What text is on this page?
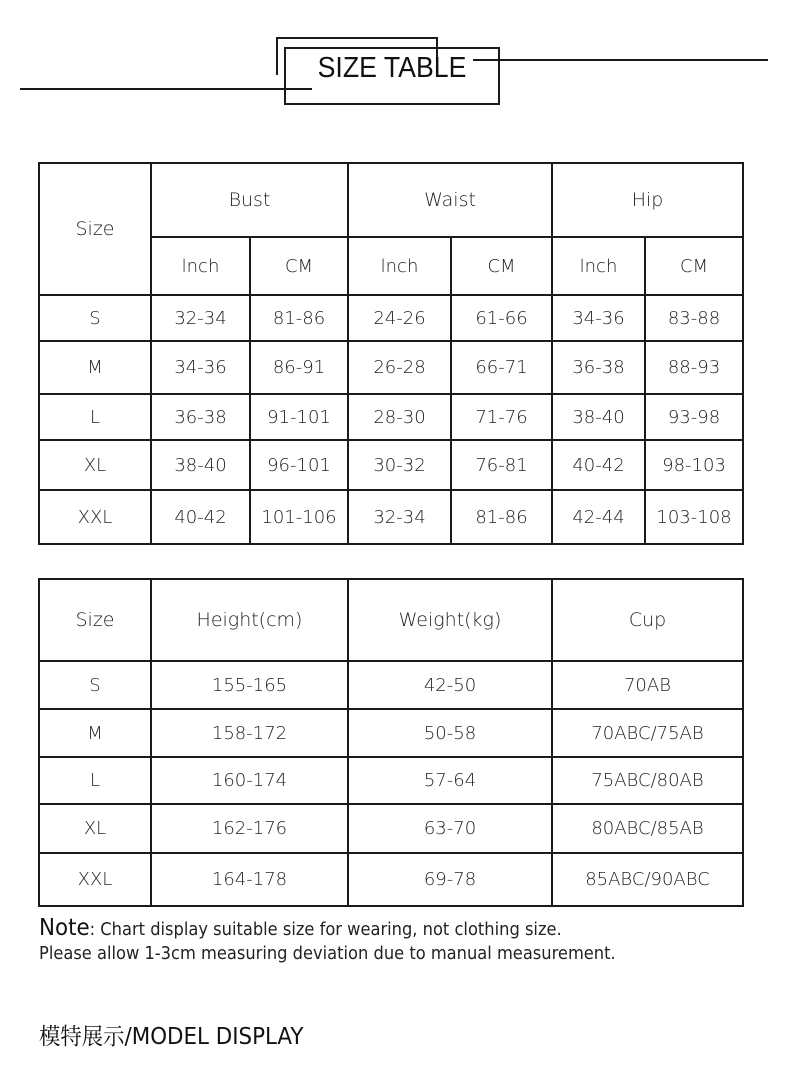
SIZE TABLE
Size	Bust		Waist		Hip	
	lnch	CM	lnch	CM	lnch	CM
S	32-34	81-86	24-26	61-66	34-36	83-88
M	34-36	86-91	26-28	66-71	36-38	88-93
L	36-38	91-101	28-30	71-76	38-40	93-98
XL	38-40	96-101	30-32	76-81	40-42	98-103
XXL	40-42	101-106	32-34	81-86	42-44	103-108
Size	Height(cm)	Weight(kg)	Cup
S	155-165	42-50	70AB
M	158-172	50-58	70ABC/75AB
L	160-174	57-64	75ABC/80AB
XL	162-176	63-70	80ABC/85AB
XXL	164-178	69-78	85ABC/90ABC
Note: Chart display suitable size for wearing, not clothing size.
Please allow 1-3cm measuring deviation due to manual measurement.
模特展示/MODEL DISPLAY
